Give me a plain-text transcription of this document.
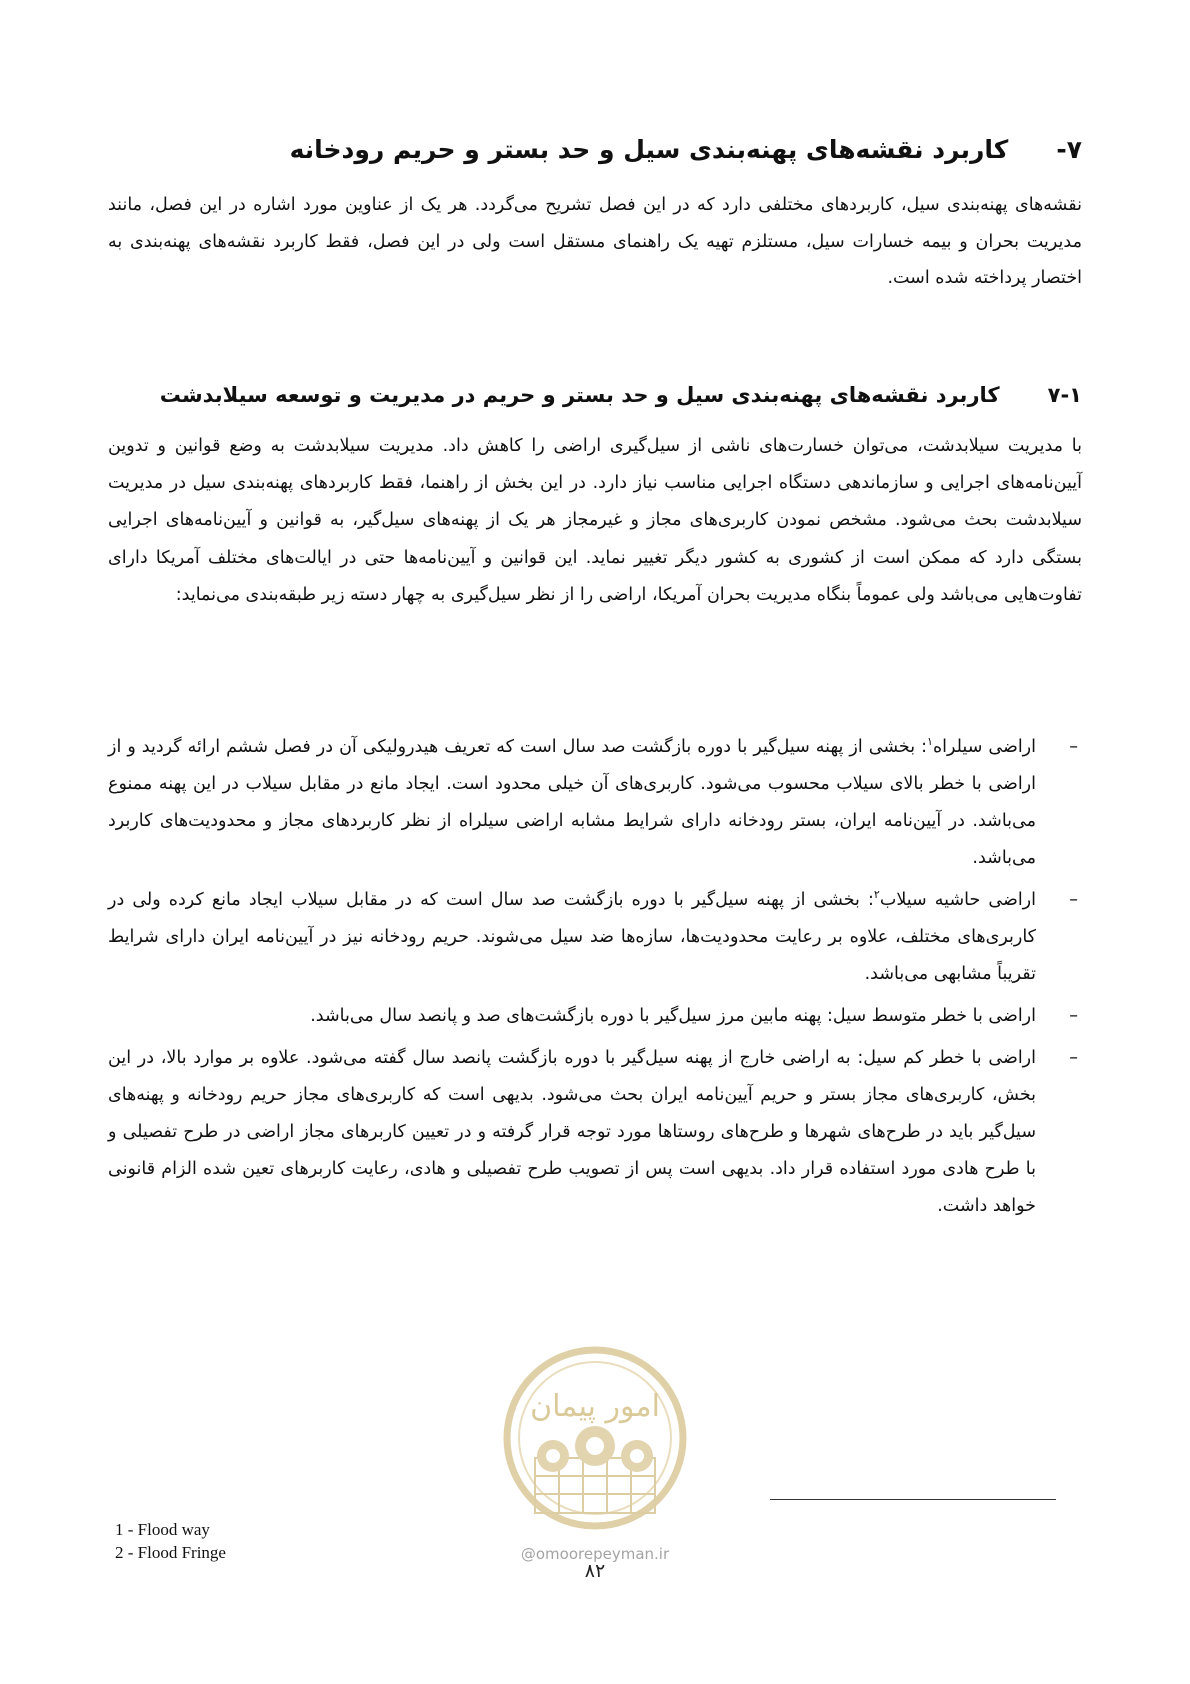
۷-کاربرد نقشه‌های پهنه‌بندی سیل و حد بستر و حریم رودخانه

نقشه‌های پهنه‌بندی سیل، کاربردهای مختلفی دارد که در این فصل تشریح می‌گردد. هر یک از عناوین مورد اشاره در این فصل، مانند مدیریت بحران و بیمه خسارات سیل، مستلزم تهیه یک راهنمای مستقل است ولی در این فصل، فقط کاربرد نقشه‌های پهنه‌بندی به اختصار پرداخته شده است.

۷-۱کاربرد نقشه‌های پهنه‌بندی سیل و حد بستر و حریم در مدیریت و توسعه سیلابدشت

با مدیریت سیلابدشت، می‌توان خسارت‌های ناشی از سیل‌گیری اراضی را کاهش داد. مدیریت سیلابدشت به وضع قوانین و تدوین آیین‌نامه‌های اجرایی و سازماندهی دستگاه اجرایی مناسب نیاز دارد. در این بخش از راهنما، فقط کاربردهای پهنه‌بندی سیل در مدیریت سیلابدشت بحث می‌شود. مشخص نمودن کاربری‌های مجاز و غیرمجاز هر یک از پهنه‌های سیل‌گیر، به قوانین و آیین‌نامه‌های اجرایی بستگی دارد که ممکن است از کشوری به کشور دیگر تغییر نماید. این قوانین و آیین‌نامه‌ها حتی در ایالت‌های مختلف آمریکا دارای تفاوت‌هایی می‌باشد ولی عموماً بنگاه مدیریت بحران آمریکا، اراضی را از نظر سیل‌گیری به چهار دسته زیر طبقه‌بندی می‌نماید:

–
اراضی سیلراه$^۱$: بخشی از پهنه سیل‌گیر با دوره بازگشت صد سال است که تعریف هیدرولیکی آن در فصل ششم ارائه گردید و از اراضی با خطر بالای سیلاب محسوب می‌شود. کاربری‌های آن خیلی محدود است. ایجاد مانع در مقابل سیلاب در این پهنه ممنوع می‌باشد. در آیین‌نامه ایران، بستر رودخانه دارای شرایط مشابه اراضی سیلراه از نظر کاربردهای مجاز و محدودیت‌های کاربرد می‌باشد.
–
اراضی حاشیه سیلاب$^۲$: بخشی از پهنه سیل‌گیر با دوره بازگشت صد سال است که در مقابل سیلاب ایجاد مانع کرده ولی در کاربری‌های مختلف، علاوه بر رعایت محدودیت‌ها، سازه‌ها ضد سیل می‌شوند. حریم رودخانه نیز در آیین‌نامه ایران دارای شرایط تقریباً مشابهی می‌باشد.
–
اراضی با خطر متوسط سیل: پهنه مابین مرز سیل‌گیر با دوره بازگشت‌های صد و پانصد سال می‌باشد.
–
اراضی با خطر کم سیل: به اراضی خارج از پهنه سیل‌گیر با دوره بازگشت پانصد سال گفته می‌شود. علاوه بر موارد بالا، در این بخش، کاربری‌های مجاز بستر و حریم آیین‌نامه ایران بحث می‌شود. بدیهی است که کاربری‌های مجاز حریم رودخانه و پهنه‌های سیل‌گیر باید در طرح‌های شهرها و طرح‌های روستاها مورد توجه قرار گرفته و در تعیین کاربرهای مجاز اراضی در طرح تفصیلی و با طرح هادی مورد استفاده قرار داد. بدیهی است پس از تصویب طرح تفصیلی و هادی، رعایت کاربرهای تعین شده الزام قانونی خواهد داشت.
امور پیمان
@omoorepeyman.ir
1 - Flood way
2 - Flood Fringe
۸۲
